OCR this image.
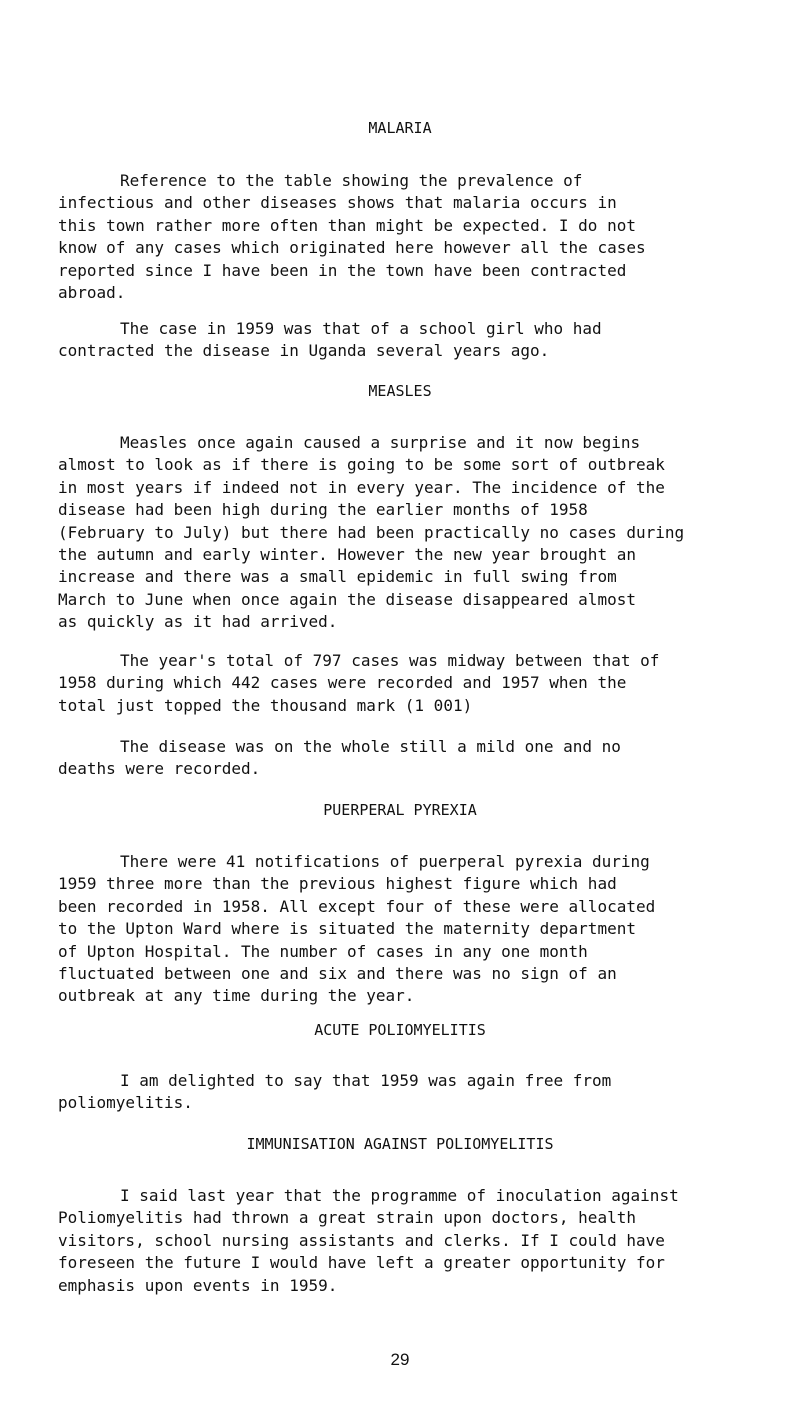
MALARIA
Reference to the table showing the prevalence of
infectious and other diseases shows that malaria occurs in
this town rather more often than might be expected. I do not
know of any cases which originated here however all the cases
reported since I have been in the town have been contracted
abroad.
The case in 1959 was that of a school girl who had
contracted the disease in Uganda several years ago.
MEASLES
Measles once again caused a surprise and it now begins
almost to look as if there is going to be some sort of outbreak
in most years if indeed not in every year. The incidence of the
disease had been high during the earlier months of 1958
(February to July) but there had been practically no cases during
the autumn and early winter. However the new year brought an
increase and there was a small epidemic in full swing from
March to June when once again the disease disappeared almost
as quickly as it had arrived.
The year's total of 797 cases was midway between that of
1958 during which 442 cases were recorded and 1957 when the
total just topped the thousand mark (1 001)
The disease was on the whole still a mild one and no
deaths were recorded.
PUERPERAL PYREXIA
There were 41 notifications of puerperal pyrexia during
1959 three more than the previous highest figure which had
been recorded in 1958. All except four of these were allocated
to the Upton Ward where is situated the maternity department
of Upton Hospital. The number of cases in any one month
fluctuated between one and six and there was no sign of an
outbreak at any time during the year.
ACUTE POLIOMYELITIS
I am delighted to say that 1959 was again free from
poliomyelitis.
IMMUNISATION AGAINST POLIOMYELITIS
I said last year that the programme of inoculation against
Poliomyelitis had thrown a great strain upon doctors, health
visitors, school nursing assistants and clerks. If I could have
foreseen the future I would have left a greater opportunity for
emphasis upon events in 1959.
29
